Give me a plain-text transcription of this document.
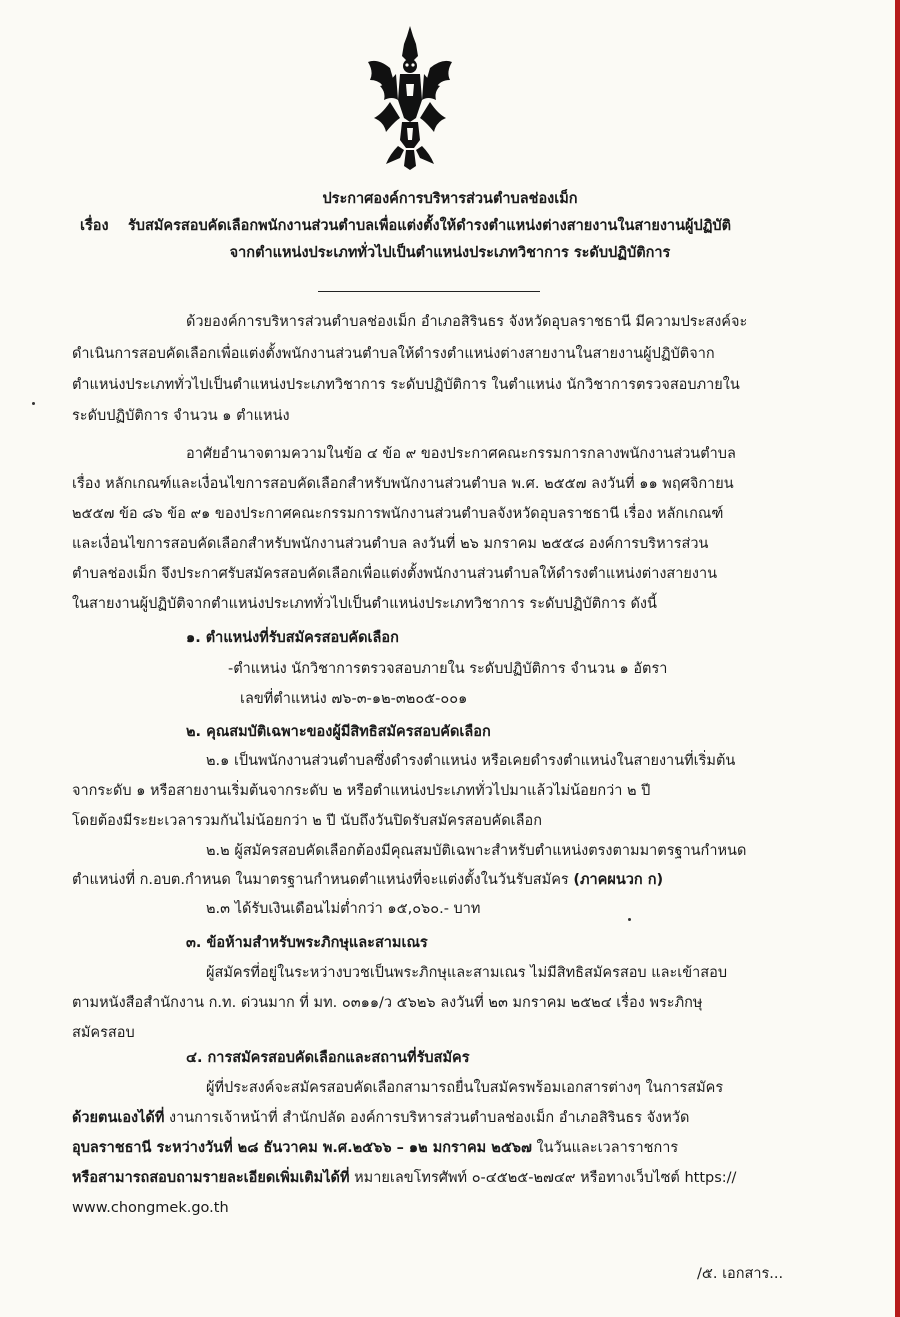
ประกาศองค์การบริหารส่วนตำบลช่องเม็ก
เรื่อง รับสมัครสอบคัดเลือกพนักงานส่วนตำบลเพื่อแต่งตั้งให้ดำรงตำแหน่งต่างสายงานในสายงานผู้ปฏิบัติ
จากตำแหน่งประเภททั่วไปเป็นตำแหน่งประเภทวิชาการ ระดับปฏิบัติการ
ด้วยองค์การบริหารส่วนตำบลช่องเม็ก อำเภอสิรินธร จังหวัดอุบลราชธานี มีความประสงค์จะ
ดำเนินการสอบคัดเลือกเพื่อแต่งตั้งพนักงานส่วนตำบลให้ดำรงตำแหน่งต่างสายงานในสายงานผู้ปฏิบัติจาก
ตำแหน่งประเภททั่วไปเป็นตำแหน่งประเภทวิชาการ ระดับปฏิบัติการ ในตำแหน่ง นักวิชาการตรวจสอบภายใน
ระดับปฏิบัติการ จำนวน ๑ ตำแหน่ง
อาศัยอำนาจตามความในข้อ ๔ ข้อ ๙ ของประกาศคณะกรรมการกลางพนักงานส่วนตำบล
เรื่อง หลักเกณฑ์และเงื่อนไขการสอบคัดเลือกสำหรับพนักงานส่วนตำบล พ.ศ. ๒๕๕๗ ลงวันที่ ๑๑ พฤศจิกายน
๒๕๕๗ ข้อ ๘๖ ข้อ ๙๑ ของประกาศคณะกรรมการพนักงานส่วนตำบลจังหวัดอุบลราชธานี เรื่อง หลักเกณฑ์
และเงื่อนไขการสอบคัดเลือกสำหรับพนักงานส่วนตำบล ลงวันที่ ๒๖ มกราคม ๒๕๕๘ องค์การบริหารส่วน
ตำบลช่องเม็ก จึงประกาศรับสมัครสอบคัดเลือกเพื่อแต่งตั้งพนักงานส่วนตำบลให้ดำรงตำแหน่งต่างสายงาน
ในสายงานผู้ปฏิบัติจากตำแหน่งประเภททั่วไปเป็นตำแหน่งประเภทวิชาการ ระดับปฏิบัติการ ดังนี้
๑. ตำแหน่งที่รับสมัครสอบคัดเลือก
-ตำแหน่ง นักวิชาการตรวจสอบภายใน ระดับปฏิบัติการ จำนวน ๑ อัตรา
เลขที่ตำแหน่ง ๗๖-๓-๑๒-๓๒๐๕-๐๐๑
๒. คุณสมบัติเฉพาะของผู้มีสิทธิสมัครสอบคัดเลือก
๒.๑ เป็นพนักงานส่วนตำบลซึ่งดำรงตำแหน่ง หรือเคยดำรงตำแหน่งในสายงานที่เริ่มต้น
จากระดับ ๑ หรือสายงานเริ่มต้นจากระดับ ๒ หรือตำแหน่งประเภททั่วไปมาแล้วไม่น้อยกว่า ๒ ปี
โดยต้องมีระยะเวลารวมกันไม่น้อยกว่า ๒ ปี นับถึงวันปิดรับสมัครสอบคัดเลือก
๒.๒ ผู้สมัครสอบคัดเลือกต้องมีคุณสมบัติเฉพาะสำหรับตำแหน่งตรงตามมาตรฐานกำหนด
ตำแหน่งที่ ก.อบต.กำหนด ในมาตรฐานกำหนดตำแหน่งที่จะแต่งตั้งในวันรับสมัคร (ภาคผนวก ก)
๒.๓ ได้รับเงินเดือนไม่ต่ำกว่า ๑๕,๐๖๐.- บาท
๓. ข้อห้ามสำหรับพระภิกษุและสามเณร
ผู้สมัครที่อยู่ในระหว่างบวชเป็นพระภิกษุและสามเณร ไม่มีสิทธิสมัครสอบ และเข้าสอบ
ตามหนังสือสำนักงาน ก.ท. ด่วนมาก ที่ มท. ๐๓๑๑/ว ๕๖๒๖ ลงวันที่ ๒๓ มกราคม ๒๕๒๔ เรื่อง พระภิกษุ
สมัครสอบ
๔. การสมัครสอบคัดเลือกและสถานที่รับสมัคร
ผู้ที่ประสงค์จะสมัครสอบคัดเลือกสามารถยื่นใบสมัครพร้อมเอกสารต่างๆ ในการสมัคร
ด้วยตนเองได้ที่ งานการเจ้าหน้าที่ สำนักปลัด องค์การบริหารส่วนตำบลช่องเม็ก อำเภอสิรินธร จังหวัด
อุบลราชธานี ระหว่างวันที่ ๒๘ ธันวาคม พ.ศ.๒๕๖๖ – ๑๒ มกราคม ๒๕๖๗ ในวันและเวลาราชการ
หรือสามารถสอบถามรายละเอียดเพิ่มเติมได้ที่ หมายเลขโทรศัพท์ ๐-๔๕๒๕-๒๗๔๙ หรือทางเว็บไซต์ https://
www.chongmek.go.th
/๕. เอกสาร...
